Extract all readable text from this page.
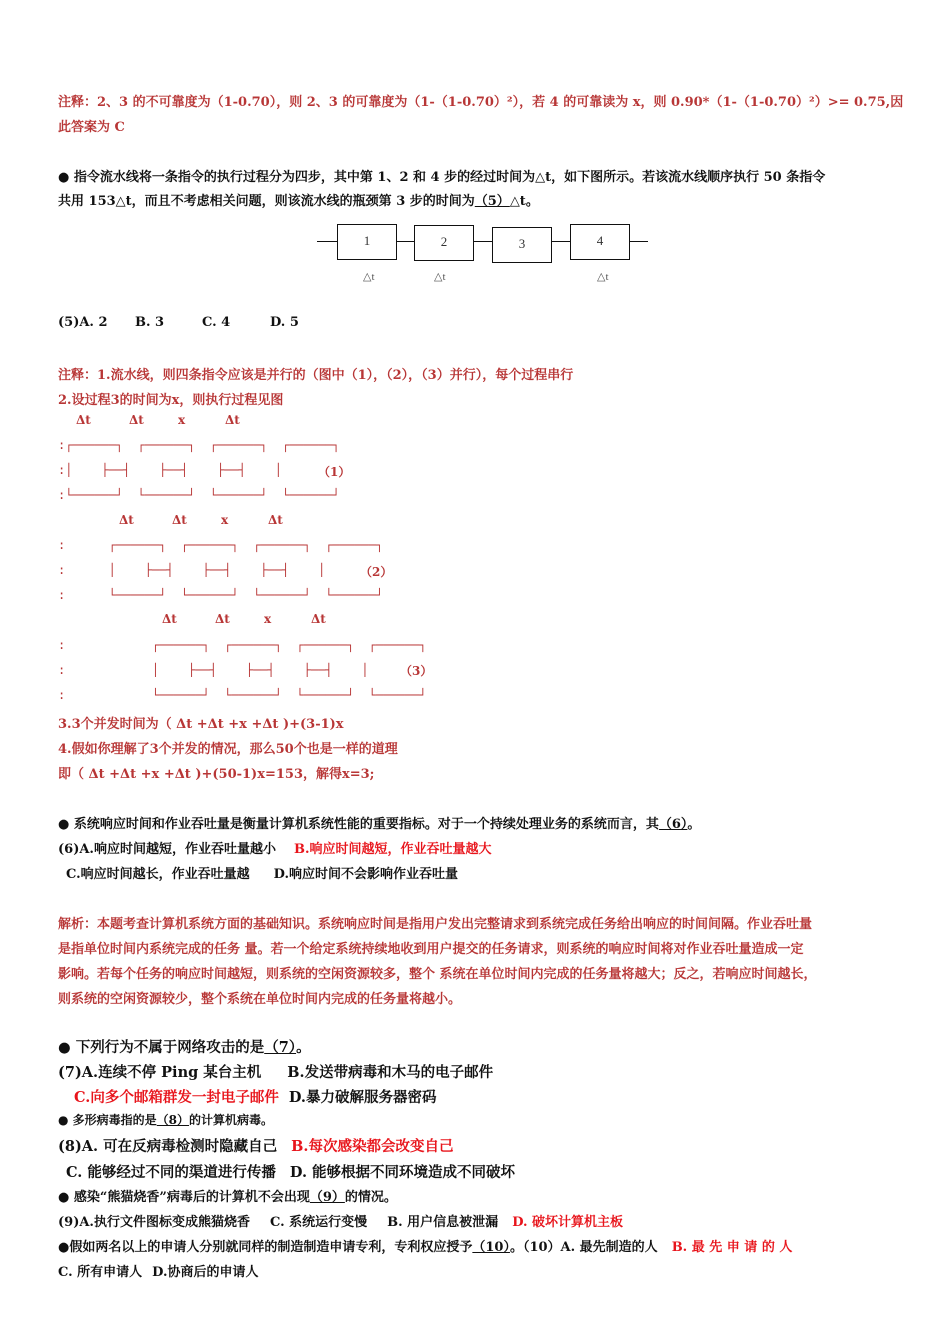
注释：2、3 的不可靠度为（1-0.70），则 2、3 的可靠度为（1-（1-0.70）²），若 4 的可靠读为 x，则 0.90*（1-（1-0.70）²）>= 0.75,因
此答案为 C
● 指令流水线将一条指令的执行过程分为四步，其中第 1、2 和 4 步的经过时间为△t，如下图所示。若该流水线顺序执行 50 条指令
共用 153△t，而且不考虑相关问题，则该流水线的瓶颈第 3 步的时间为（5）△t。
1	2	3	4
△t	△t	△t
(5)A. 2 B. 3	C. 4	D. 5
注释：1.流水线，则四条指令应该是并行的（图中（1），（2），（3）并行），每个过程串行
2.设过程3的时间为x，则执行过程见图
Δt	Δt	x	Δt
:┌──────┐  ┌──────┐  ┌──────┐  ┌──────┐
:│    ├──┤    ├──┤    ├──┤    │
:└──────┘  └──────┘  └──────┘  └──────┘
（1）
Δt	Δt	x	Δt
:      ┌──────┐  ┌──────┐  ┌──────┐  ┌──────┐
:      │    ├──┤    ├──┤    ├──┤    │
:      └──────┘  └──────┘  └──────┘  └──────┘
（2）
Δt	Δt	x	Δt
:            ┌──────┐  ┌──────┐  ┌──────┐  ┌──────┐
:            │    ├──┤    ├──┤    ├──┤    │
:            └──────┘  └──────┘  └──────┘  └──────┘
（3）
3.3个并发时间为（ Δt +Δt +x +Δt )+(3-1)x
4.假如你理解了3个并发的情况，那么50个也是一样的道理
即（ Δt +Δt +x +Δt )+(50-1)x=153，解得x=3;
● 系统响应时间和作业吞吐量是衡量计算机系统性能的重要指标。对于一个持续处理业务的系统而言，其（6）。
(6)A.响应时间越短，作业吞吐量越小 B.响应时间越短，作业吞吐量越大
C.响应时间越长，作业吞吐量越 D.响应时间不会影响作业吞吐量
解析：本题考查计算机系统方面的基础知识。系统响应时间是指用户发出完整请求到系统完成任务给出响应的时间间隔。作业吞吐量
是指单位时间内系统完成的任务 量。若一个给定系统持续地收到用户提交的任务请求，则系统的响应时间将对作业吞吐量造成一定
影响。若每个任务的响应时间越短，则系统的空闲资源较多，整个 系统在单位时间内完成的任务量将越大；反之，若响应时间越长，
则系统的空闲资源较少，整个系统在单位时间内完成的任务量将越小。
● 下列行为不属于网络攻击的是（7）。
(7)A.连续不停 Ping 某台主机 B.发送带病毒和木马的电子邮件
C.向多个邮箱群发一封电子邮件 D.暴力破解服务器密码
● 多形病毒指的是（8）的计算机病毒。
(8)A. 可在反病毒检测时隐藏自己 B.每次感染都会改变自己
C. 能够经过不同的渠道进行传播 D. 能够根据不同环境造成不同破坏
● 感染“熊猫烧香”病毒后的计算机不会出现（9）的情况。
(9)A.执行文件图标变成熊猫烧香 C. 系统运行变慢 B. 用户信息被泄漏 D. 破坏计算机主板
●假如两名以上的申请人分别就同样的制造制造申请专利，专利权应授予（10）。（10）A. 最先制造的人 B. 最 先 申 请 的 人
C. 所有申请人 D.协商后的申请人
